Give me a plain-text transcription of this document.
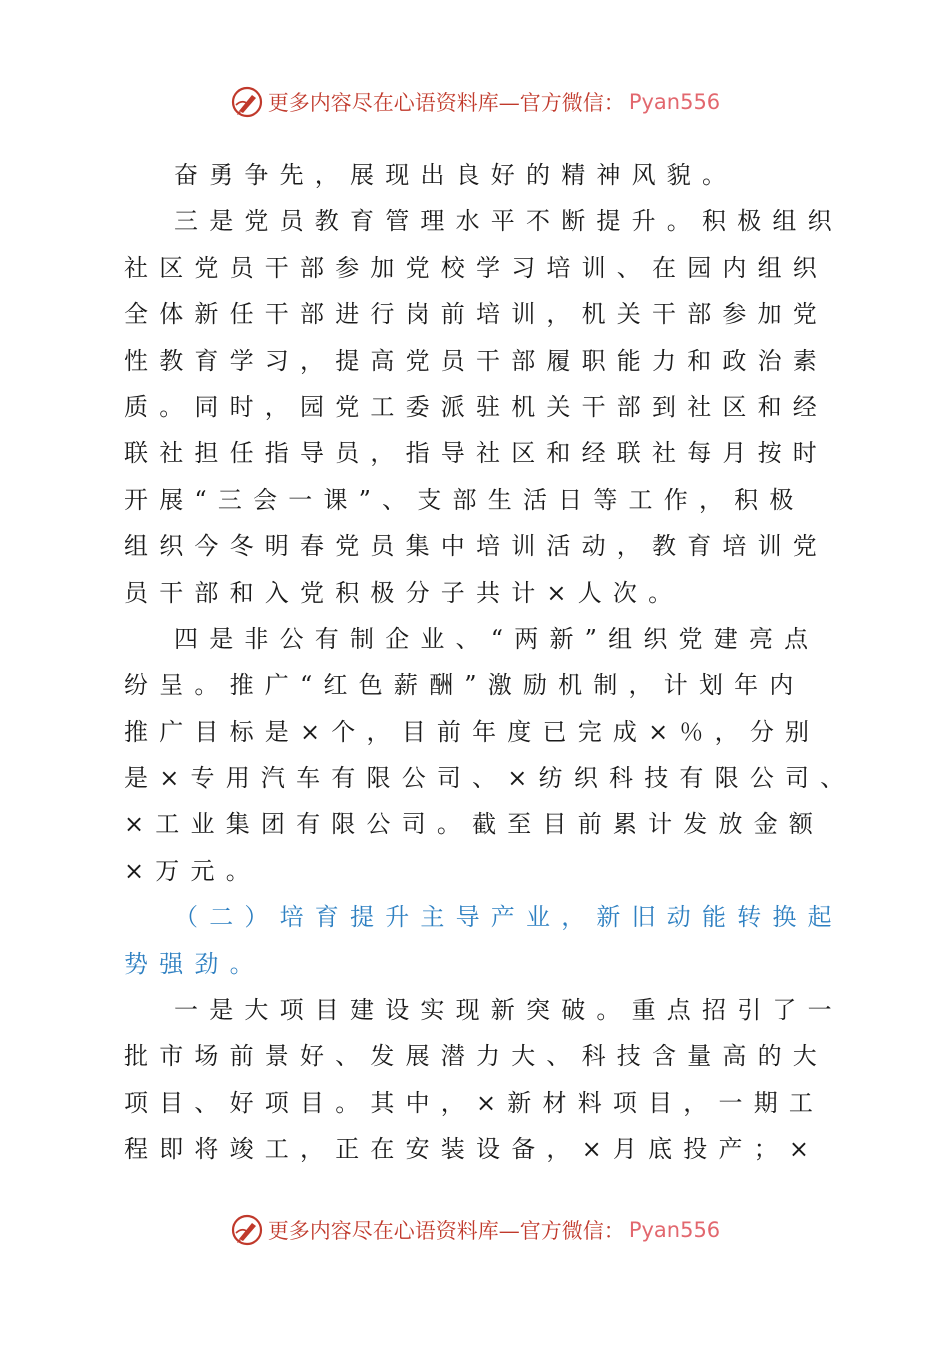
更多内容尽在心语资料库—官方微信： Pyan556
奋勇争先，展现出良好的精神风貌。
三是党员教育管理水平不断提升。积极组织
社区党员干部参加党校学习培训、在园内组织
全体新任干部进行岗前培训，机关干部参加党
性教育学习，提高党员干部履职能力和政治素
质。同时，园党工委派驻机关干部到社区和经
联社担任指导员，指导社区和经联社每月按时
开展“三会一课”、支部生活日等工作，积极
组织今冬明春党员集中培训活动，教育培训党
员干部和入党积极分子共计×人次。
四是非公有制企业、“两新”组织党建亮点
纷呈。推广“红色薪酬”激励机制，计划年内
推广目标是×个，目前年度已完成×％，分别
是×专用汽车有限公司、×纺织科技有限公司、
×工业集团有限公司。截至目前累计发放金额
×万元。
（二）培育提升主导产业，新旧动能转换起
势强劲。
一是大项目建设实现新突破。重点招引了一
批市场前景好、发展潜力大、科技含量高的大
项目、好项目。其中，×新材料项目，一期工
程即将竣工，正在安装设备，×月底投产；×
更多内容尽在心语资料库—官方微信： Pyan556
